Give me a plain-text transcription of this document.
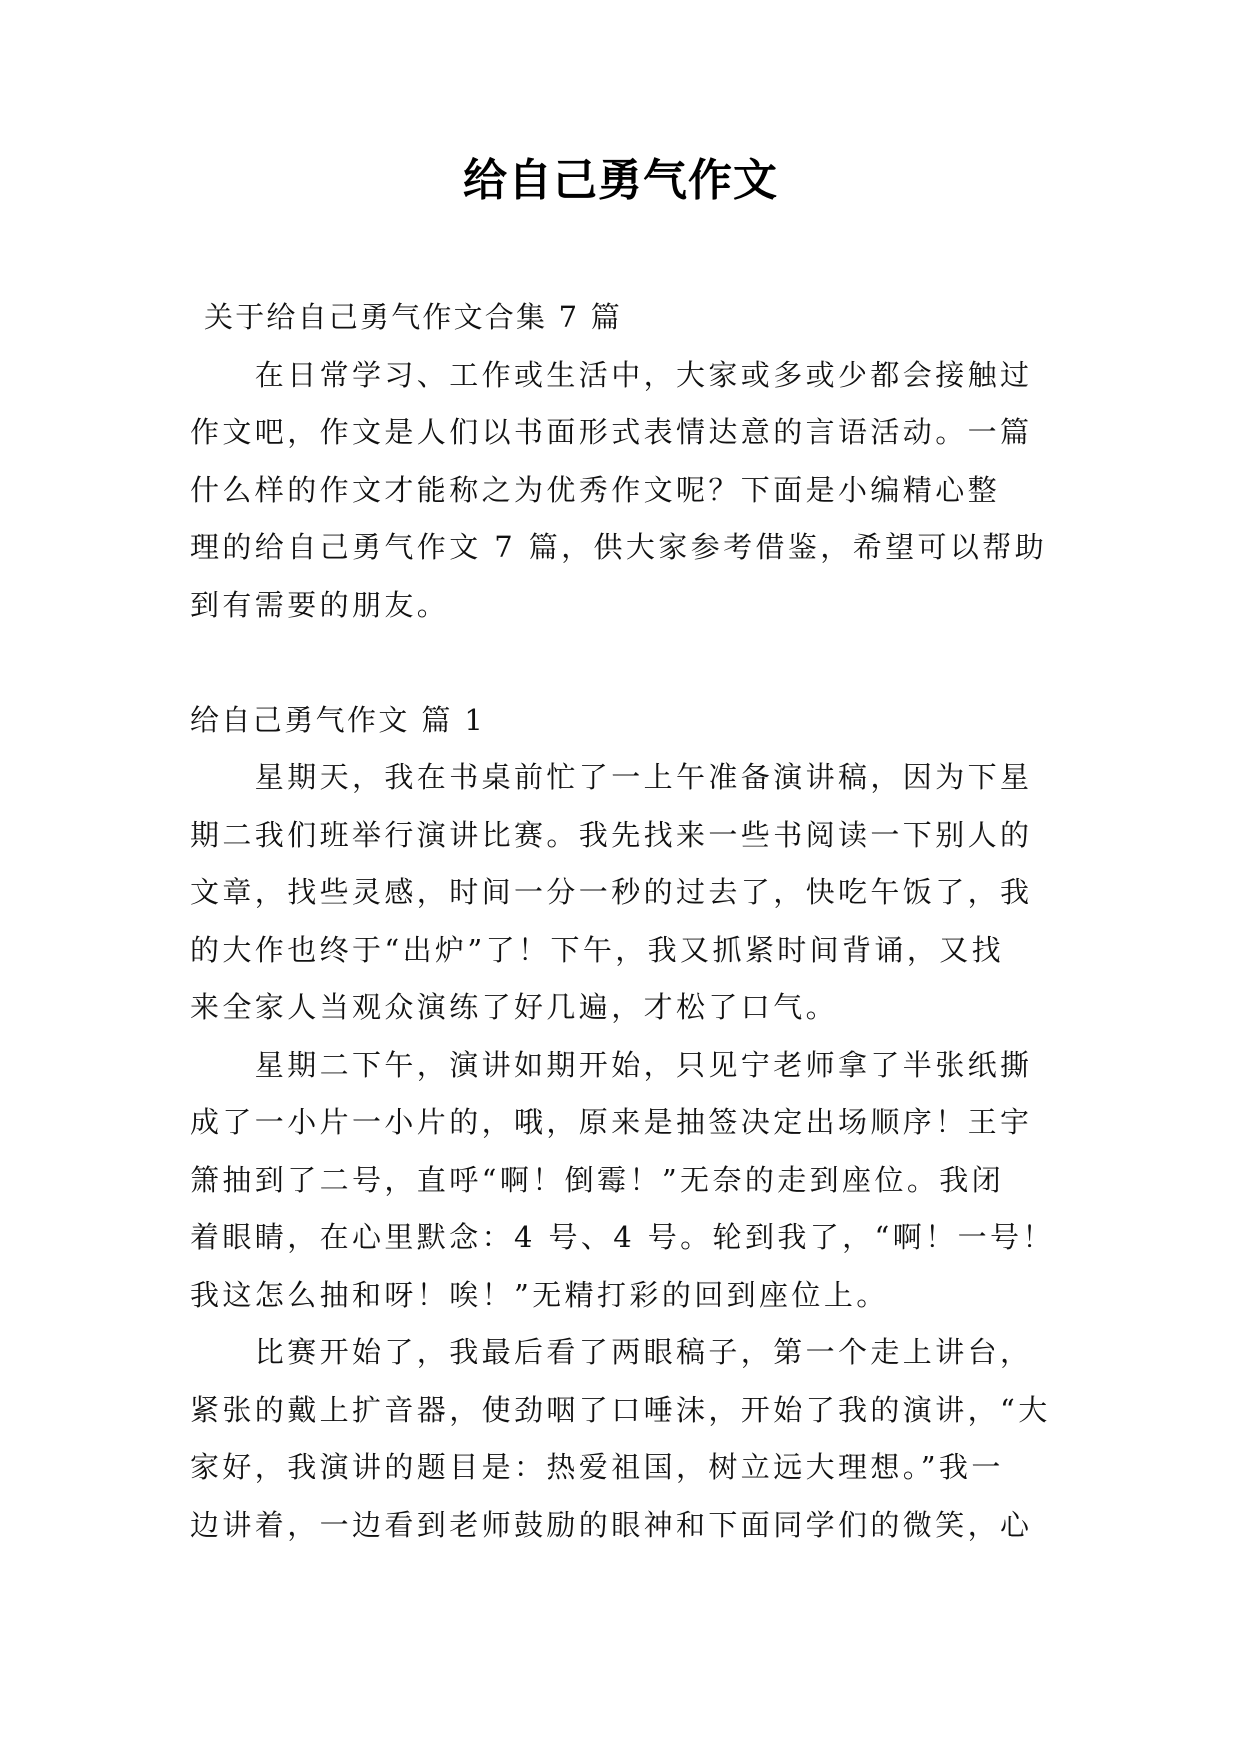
给自己勇气作文
关于给自己勇气作文合集 7 篇
　　在日常学习、工作或生活中，大家或多或少都会接触过
作文吧，作文是人们以书面形式表情达意的言语活动。一篇
什么样的作文才能称之为优秀作文呢？下面是小编精心整
理的给自己勇气作文 7 篇，供大家参考借鉴，希望可以帮助
到有需要的朋友。
给自己勇气作文 篇 1
　　星期天，我在书桌前忙了一上午准备演讲稿，因为下星
期二我们班举行演讲比赛。我先找来一些书阅读一下别人的
文章，找些灵感，时间一分一秒的过去了，快吃午饭了，我
的大作也终于“出炉”了！下午，我又抓紧时间背诵，又找
来全家人当观众演练了好几遍，才松了口气。
　　星期二下午，演讲如期开始，只见宁老师拿了半张纸撕
成了一小片一小片的，哦，原来是抽签决定出场顺序！王宇
箫抽到了二号，直呼“啊！倒霉！”无奈的走到座位。我闭
着眼睛，在心里默念：4 号、4 号。轮到我了，“啊！一号！
我这怎么抽和呀！唉！”无精打彩的回到座位上。
　　比赛开始了，我最后看了两眼稿子，第一个走上讲台，
紧张的戴上扩音器，使劲咽了口唾沫，开始了我的演讲，“大
家好，我演讲的题目是：热爱祖国，树立远大理想。”我一
边讲着，一边看到老师鼓励的眼神和下面同学们的微笑，心
